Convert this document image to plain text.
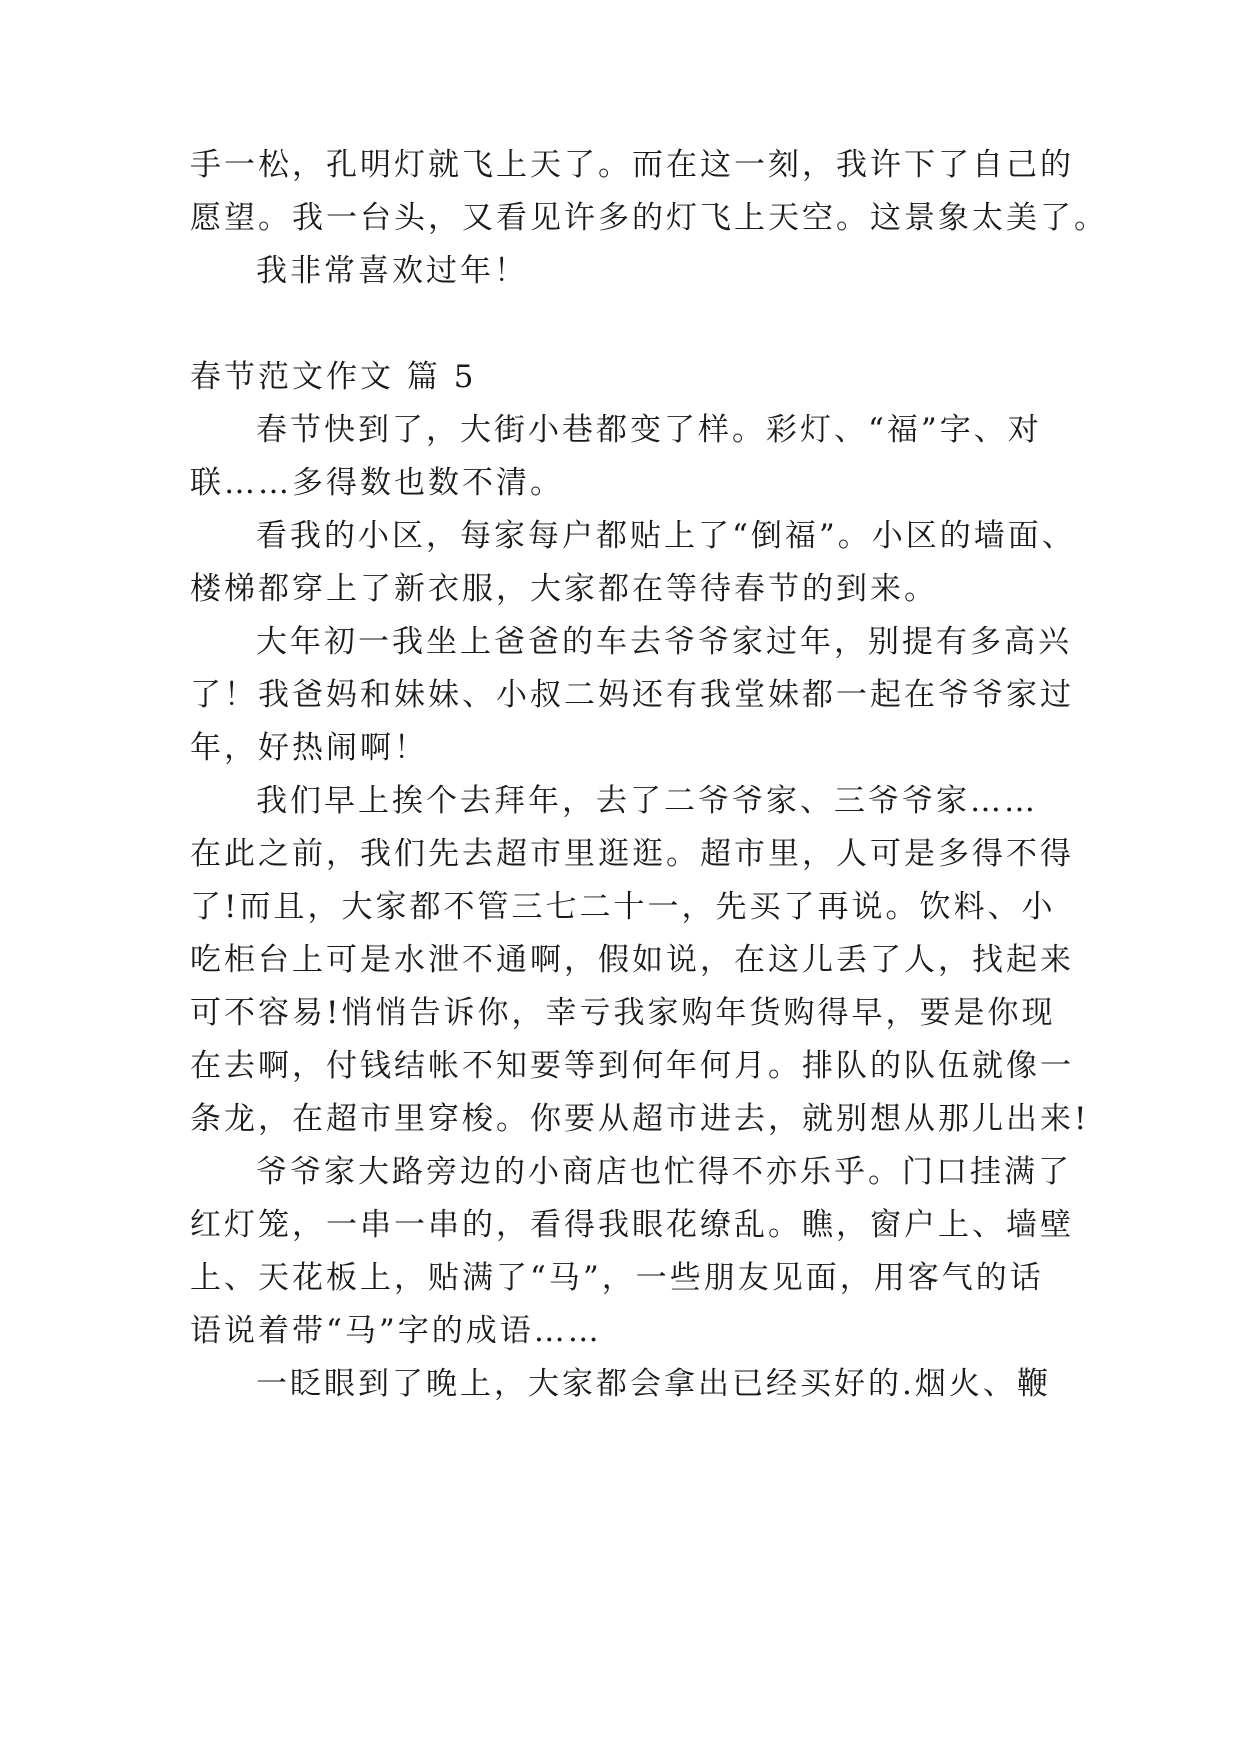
手一松，孔明灯就飞上天了。而在这一刻，我许下了自己的
愿望。我一台头，又看见许多的灯飞上天空。这景象太美了。
我非常喜欢过年！
春节范文作文 篇 5
春节快到了，大街小巷都变了样。彩灯、“福”字、对
联……多得数也数不清。
看我的小区，每家每户都贴上了“倒福”。小区的墙面、
楼梯都穿上了新衣服，大家都在等待春节的到来。
大年初一我坐上爸爸的车去爷爷家过年，别提有多高兴
了！我爸妈和妹妹、小叔二妈还有我堂妹都一起在爷爷家过
年，好热闹啊！
我们早上挨个去拜年，去了二爷爷家、三爷爷家……
在此之前，我们先去超市里逛逛。超市里，人可是多得不得
了!而且，大家都不管三七二十一，先买了再说。饮料、小
吃柜台上可是水泄不通啊，假如说，在这儿丢了人，找起来
可不容易!悄悄告诉你，幸亏我家购年货购得早，要是你现
在去啊，付钱结帐不知要等到何年何月。排队的队伍就像一
条龙，在超市里穿梭。你要从超市进去，就别想从那儿出来!
爷爷家大路旁边的小商店也忙得不亦乐乎。门口挂满了
红灯笼，一串一串的，看得我眼花缭乱。瞧，窗户上、墙壁
上、天花板上，贴满了“马”，一些朋友见面，用客气的话
语说着带“马”字的成语……
一眨眼到了晚上，大家都会拿出已经买好的.烟火、鞭
